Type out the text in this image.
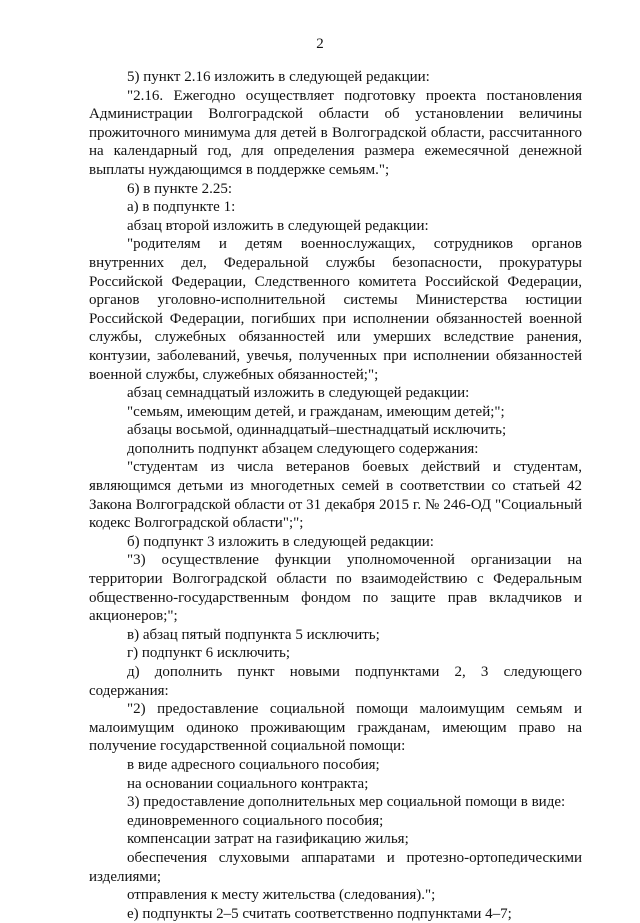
2

5) пункт 2.16 изложить в следующей редакции:

"2.16. Ежегодно осуществляет подготовку проекта постановления Администрации Волгоградской области об установлении величины прожиточного минимума для детей в Волгоградской области, рассчитанного на календарный год, для определения размера ежемесячной денежной выплаты нуждающимся в поддержке семьям.";

6) в пункте 2.25:

а) в подпункте 1:

абзац второй изложить в следующей редакции:

"родителям и детям военнослужащих, сотрудников органов внутренних дел, Федеральной службы безопасности, прокуратуры Российской Федерации, Следственного комитета Российской Федерации, органов уголовно-исполнительной системы Министерства юстиции Российской Федерации, погибших при исполнении обязанностей военной службы, служебных обязанностей или умерших вследствие ранения, контузии, заболеваний, увечья, полученных при исполнении обязанностей военной службы, служебных обязанностей;";

абзац семнадцатый изложить в следующей редакции:

"семьям, имеющим детей, и гражданам, имеющим детей;";

абзацы восьмой, одиннадцатый–шестнадцатый исключить;

дополнить подпункт абзацем следующего содержания:

"студентам из числа ветеранов боевых действий и студентам, являющимся детьми из многодетных семей в соответствии со статьей 42 Закона Волгоградской области от 31 декабря 2015 г. № 246-ОД "Социальный кодекс Волгоградской области";";

б) подпункт 3 изложить в следующей редакции:

"3) осуществление функции уполномоченной организации на территории Волгоградской области по взаимодействию с Федеральным общественно-государственным фондом по защите прав вкладчиков и акционеров;";

в) абзац пятый подпункта 5 исключить;

г) подпункт 6 исключить;

д) дополнить пункт новыми подпунктами 2, 3 следующего содержания:

"2) предоставление социальной помощи малоимущим семьям и малоимущим одиноко проживающим гражданам, имеющим право на получение государственной социальной помощи:

в виде адресного социального пособия;

на основании социального контракта;

3) предоставление дополнительных мер социальной помощи в виде:

единовременного социального пособия;

компенсации затрат на газификацию жилья;

обеспечения слуховыми аппаратами и протезно-ортопедическими изделиями;

отправления к месту жительства (следования).";

е) подпункты 2–5 считать соответственно подпунктами 4–7;
